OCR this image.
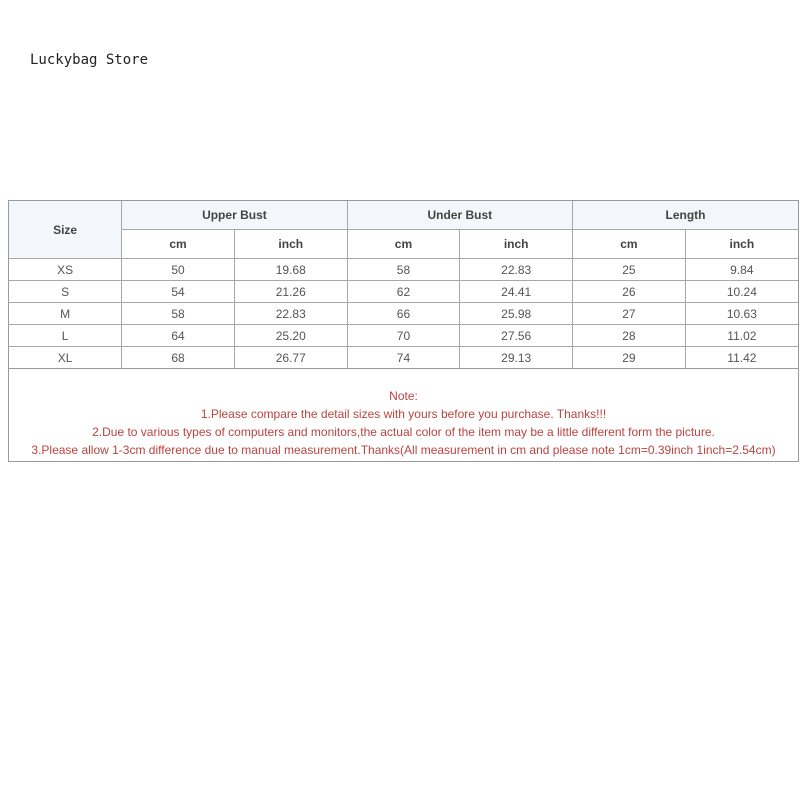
Luckybag Store
Size	Upper Bust		Under Bust		Length	
	cm	inch	cm	inch	cm	inch
XS	50	19.68	58	22.83	25	9.84
S	54	21.26	62	24.41	26	10.24
M	58	22.83	66	25.98	27	10.63
L	64	25.20	70	27.56	28	11.02
XL	68	26.77	74	29.13	29	11.42
Note:
1.Please compare the detail sizes with yours before you purchase. Thanks!!!
2.Due to various types of computers and monitors,the actual color of the item may be a little different form the picture.
3.Please allow 1-3cm difference due to manual measurement.Thanks(All measurement in cm and please note 1cm=0.39inch 1inch=2.54cm)
